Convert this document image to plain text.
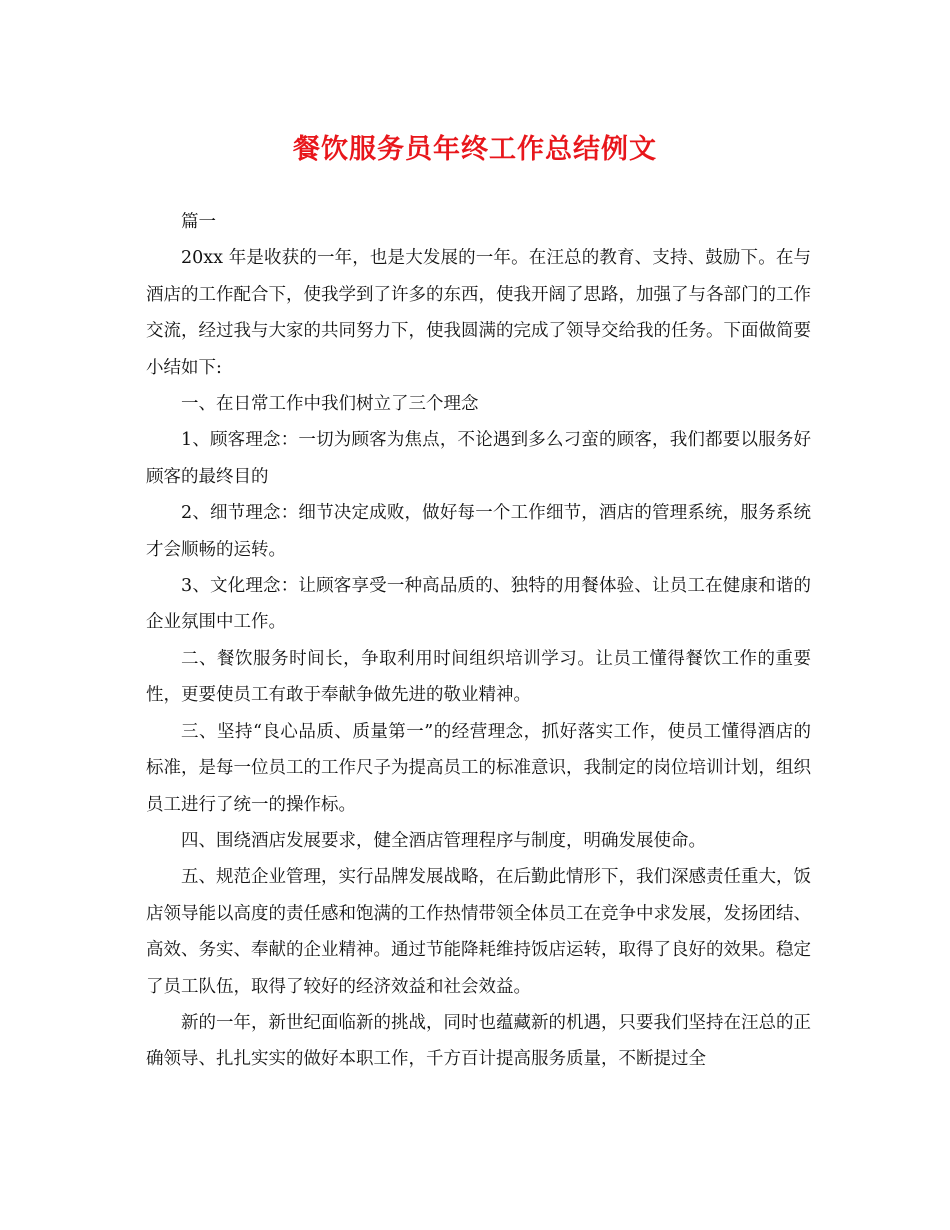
餐饮服务员年终工作总结例文

篇一

20xx 年是收获的一年，也是大发展的一年。在汪总的教育、支持、鼓励下。在与酒店的工作配合下，使我学到了许多的东西，使我开阔了思路，加强了与各部门的工作交流，经过我与大家的共同努力下，使我圆满的完成了领导交给我的任务。下面做简要小结如下:

一、在日常工作中我们树立了三个理念

1、顾客理念：一切为顾客为焦点，不论遇到多么刁蛮的顾客，我们都要以服务好顾客的最终目的

2、细节理念：细节决定成败，做好每一个工作细节，酒店的管理系统，服务系统才会顺畅的运转。

3、文化理念：让顾客享受一种高品质的、独特的用餐体验、让员工在健康和谐的企业氛围中工作。

二、餐饮服务时间长，争取利用时间组织培训学习。让员工懂得餐饮工作的重要性，更要使员工有敢于奉献争做先进的敬业精神。

三、坚持“良心品质、质量第一”的经营理念，抓好落实工作，使员工懂得酒店的标准，是每一位员工的工作尺子为提高员工的标准意识，我制定的岗位培训计划，组织员工进行了统一的操作标。

四、围绕酒店发展要求，健全酒店管理程序与制度，明确发展使命。

五、规范企业管理，实行品牌发展战略，在后勤此情形下，我们深感责任重大，饭店领导能以高度的责任感和饱满的工作热情带领全体员工在竞争中求发展，发扬团结、高效、务实、奉献的企业精神。通过节能降耗维持饭店运转，取得了良好的效果。稳定了员工队伍，取得了较好的经济效益和社会效益。

新的一年，新世纪面临新的挑战，同时也蕴藏新的机遇，只要我们坚持在汪总的正确领导、扎扎实实的做好本职工作，千方百计提高服务质量，不断提过全
